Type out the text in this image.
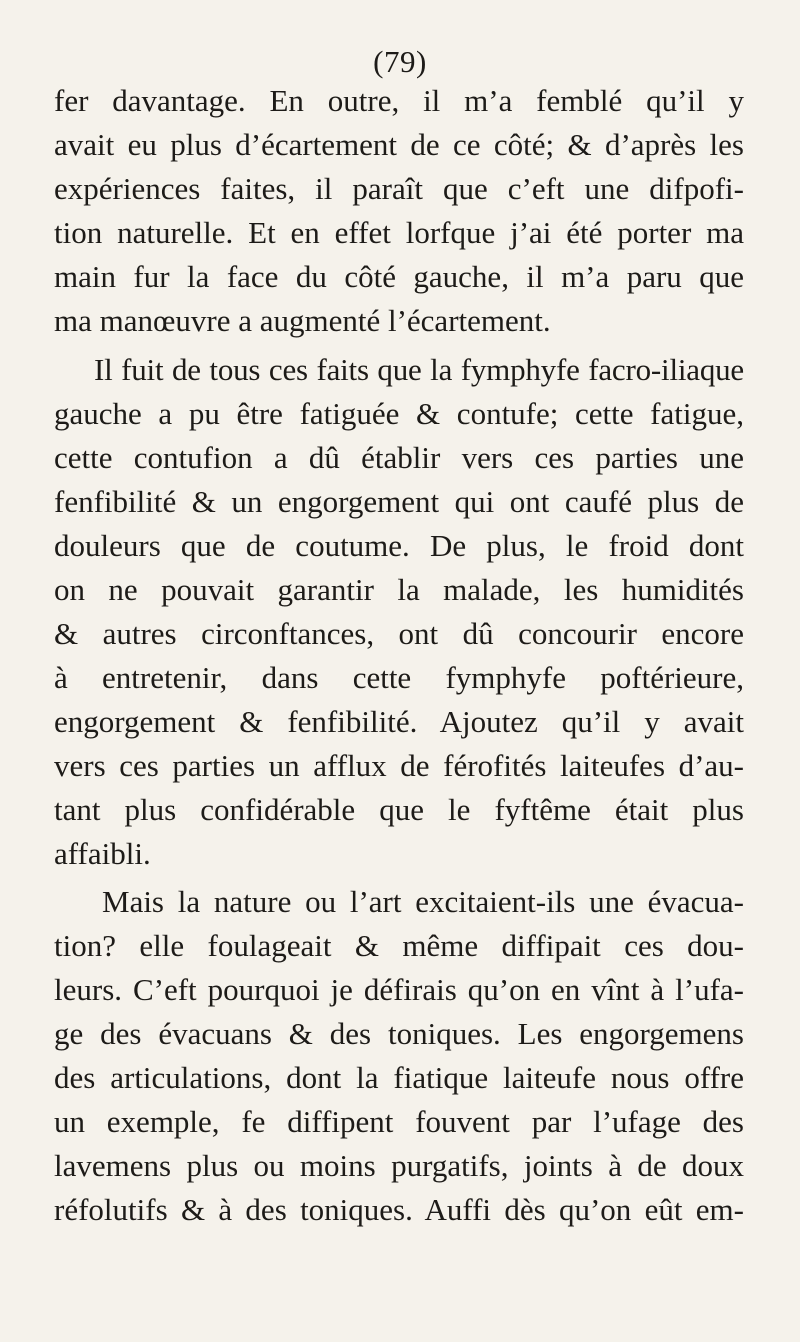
(79)
fer davantage. En outre, il m’a femblé qu’il y
avait eu plus d’écartement de ce côté; & d’après les
expériences faites, il paraît que c’eft une difpofi-
tion naturelle. Et en effet lorfque j’ai été porter ma
main fur la face du côté gauche, il m’a paru que
ma manœuvre a augmenté l’écartement.
Il fuit de tous ces faits que la fymphyfe facro-iliaque
gauche a pu être fatiguée & contufe; cette fatigue,
cette contufion a dû établir vers ces parties une
fenfibilité & un engorgement qui ont caufé plus de
douleurs que de coutume. De plus, le froid dont
on ne pouvait garantir la malade, les humidités
& autres circonftances, ont dû concourir encore
à entretenir, dans cette fymphyfe poftérieure,
engorgement & fenfibilité. Ajoutez qu’il y avait
vers ces parties un afflux de férofités laiteufes d’au-
tant plus confidérable que le fyftême était plus
affaibli.
Mais la nature ou l’art excitaient-ils une évacua-
tion? elle foulageait & même diffipait ces dou-
leurs. C’eft pourquoi je défirais qu’on en vînt à l’ufa-
ge des évacuans & des toniques. Les engorgemens
des articulations, dont la fiatique laiteufe nous offre
un exemple, fe diffipent fouvent par l’ufage des
lavemens plus ou moins purgatifs, joints à de doux
réfolutifs & à des toniques. Auffi dès qu’on eût em-
